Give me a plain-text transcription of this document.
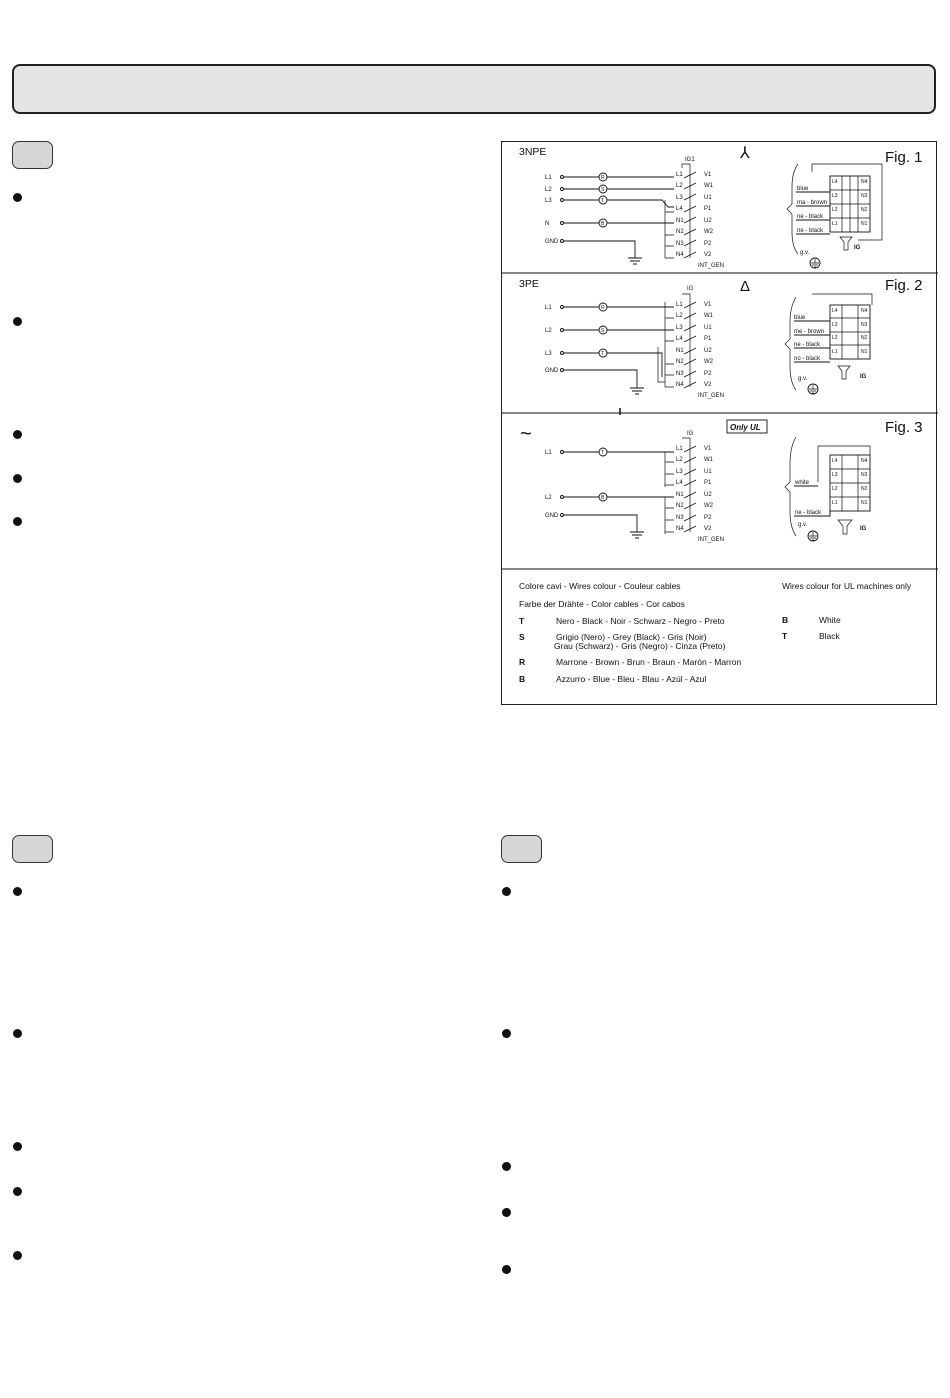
3NPE	⅄	Fig. 1
IG1
L1
L2
L3
N
GND
R
S
T
B
L1
L2
L3
L4
N1
N2
N3
N4
V1
W1
U1
P1
U2
W2
P2
V2
INT_GEN
L4
L3
L2
L1
N4
N3
N2
N1
blue
ma - brown
ne - black
ne - black
g.v.
IG
3PE	Δ	Fig. 2
IG
L1
L2
L3
GND
R
S
T
L1
L2
L3
L4
N1
N2
N3
N4
V1
W1
U1
P1
U2
W2
P2
V2
INT_GEN
L4
L3
L2
L1
N4
N3
N2
N1
blue
me - brown
ne - black
no - black
g.v.	IG
~	Only UL	Fig. 3
IG
L1
L2
GND
T
B
L1
L2
L3
L4
N1
N2
N3
N4
V1
W1
U1
P1
U2
W2
P2
V2
INT_GEN
L4
L3
L2
L1
N4
N3
N2
N1
white
ne - black
g.v.
IG
Colore cavi - Wires colour - Couleur cables
Farbe der Drähte - Color cables - Cor cabos
T	Nero - Black - Noir - Schwarz - Negro - Preto
S	Grigio (Nero) - Grey (Black) - Gris (Noir)
Grau (Schwarz) - Gris (Negro) - Cinza (Preto)
R	Marrone - Brown - Brun - Braun - Marón - Marron
B	Azzurro - Blue - Bleu - Blau - Azúl - Azul
Wires colour for UL machines only
B	White
T	Black
